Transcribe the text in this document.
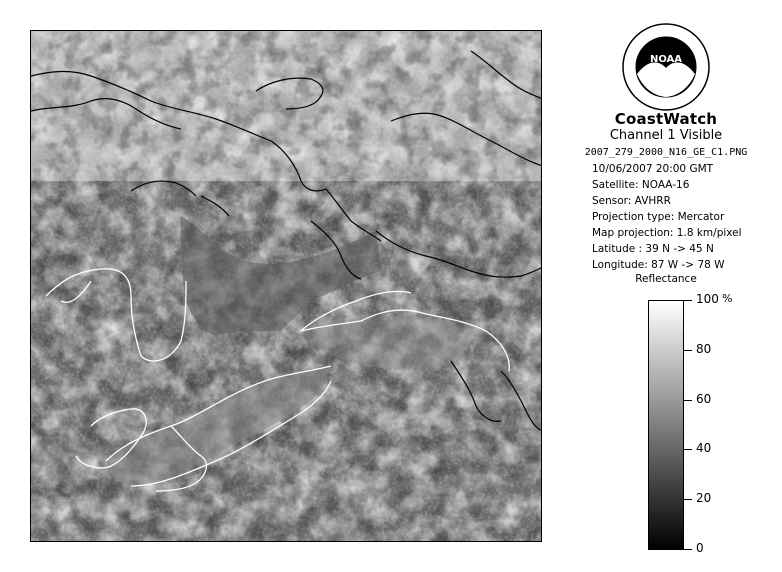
NOAA
CoastWatch
Channel 1 Visible
2007_279_2000_N16_GE_C1.PNG
10/06/2007 20:00 GMT
Satellite: NOAA-16
Sensor: AVHRR
Projection type: Mercator
Map projection: 1.8 km/pixel
Latitude : 39 N -> 45 N
Longitude: 87 W -> 78 W
Reflectance
%
100
80
60
40
20
0
